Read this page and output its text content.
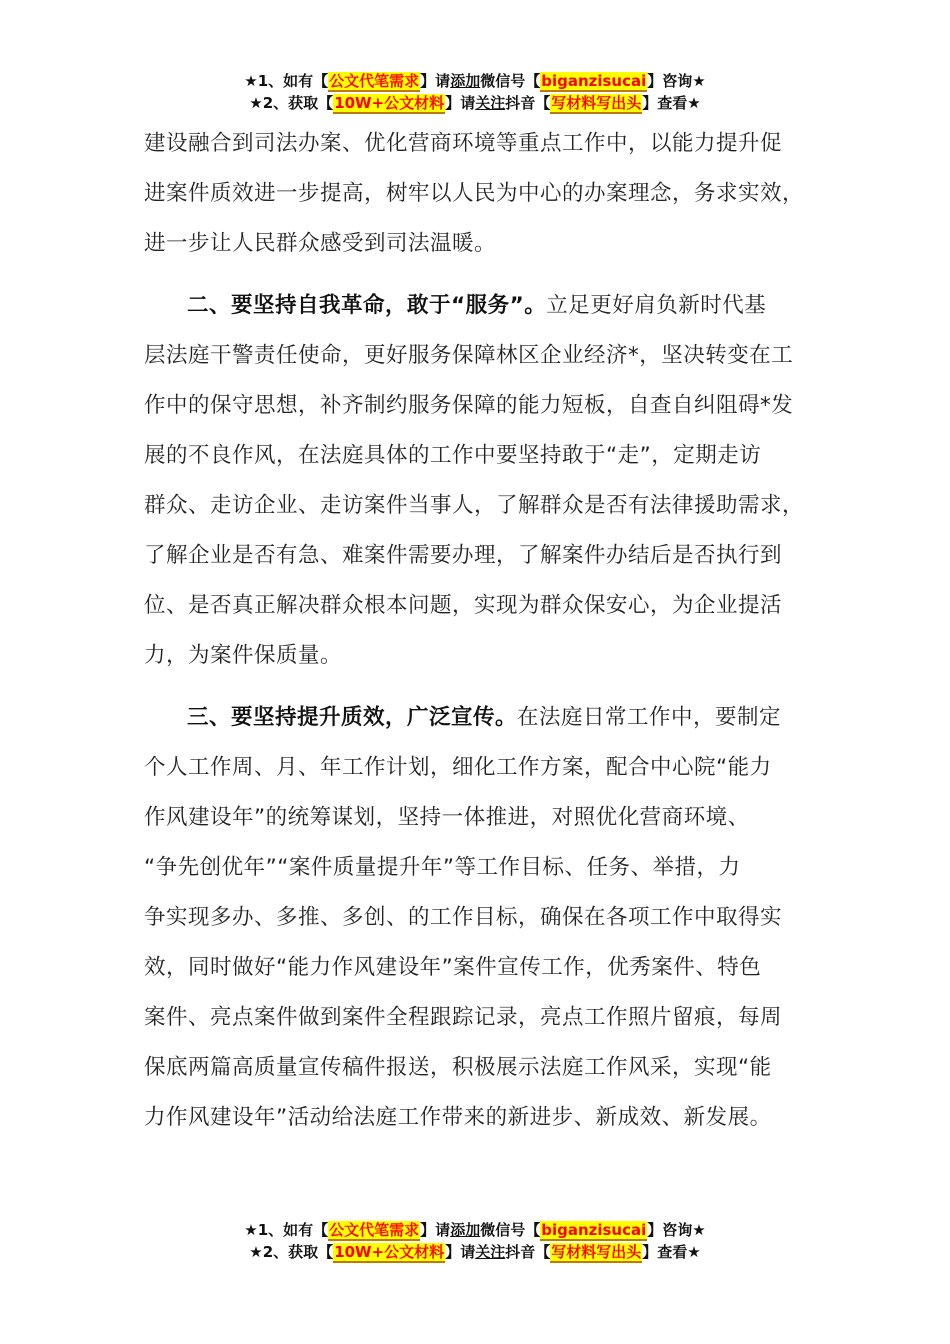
★1、如有【公文代笔需求】请添加微信号【biganzisucai】咨询★
★2、获取【10W+公文材料】请关注抖音【写材料写出头】查看★
建设融合到司法办案、优化营商环境等重点工作中，以能力提升促
进案件质效进一步提高，树牢以人民为中心的办案理念，务求实效，
进一步让人民群众感受到司法温暖。
二、要坚持自我革命，敢于“服务”。立足更好肩负新时代基
层法庭干警责任使命，更好服务保障林区企业经济*，坚决转变在工
作中的保守思想，补齐制约服务保障的能力短板，自查自纠阻碍*发
展的不良作风，在法庭具体的工作中要坚持敢于“走”，定期走访
群众、走访企业、走访案件当事人，了解群众是否有法律援助需求，
了解企业是否有急、难案件需要办理，了解案件办结后是否执行到
位、是否真正解决群众根本问题，实现为群众保安心，为企业提活
力，为案件保质量。
三、要坚持提升质效，广泛宣传。在法庭日常工作中，要制定
个人工作周、月、年工作计划，细化工作方案，配合中心院“能力
作风建设年”的统筹谋划，坚持一体推进，对照优化营商环境、
“争先创优年”“案件质量提升年”等工作目标、任务、举措，力
争实现多办、多推、多创、的工作目标，确保在各项工作中取得实
效，同时做好“能力作风建设年”案件宣传工作，优秀案件、特色
案件、亮点案件做到案件全程跟踪记录，亮点工作照片留痕，每周
保底两篇高质量宣传稿件报送，积极展示法庭工作风采，实现“能
力作风建设年”活动给法庭工作带来的新进步、新成效、新发展。
★1、如有【公文代笔需求】请添加微信号【biganzisucai】咨询★
★2、获取【10W+公文材料】请关注抖音【写材料写出头】查看★
